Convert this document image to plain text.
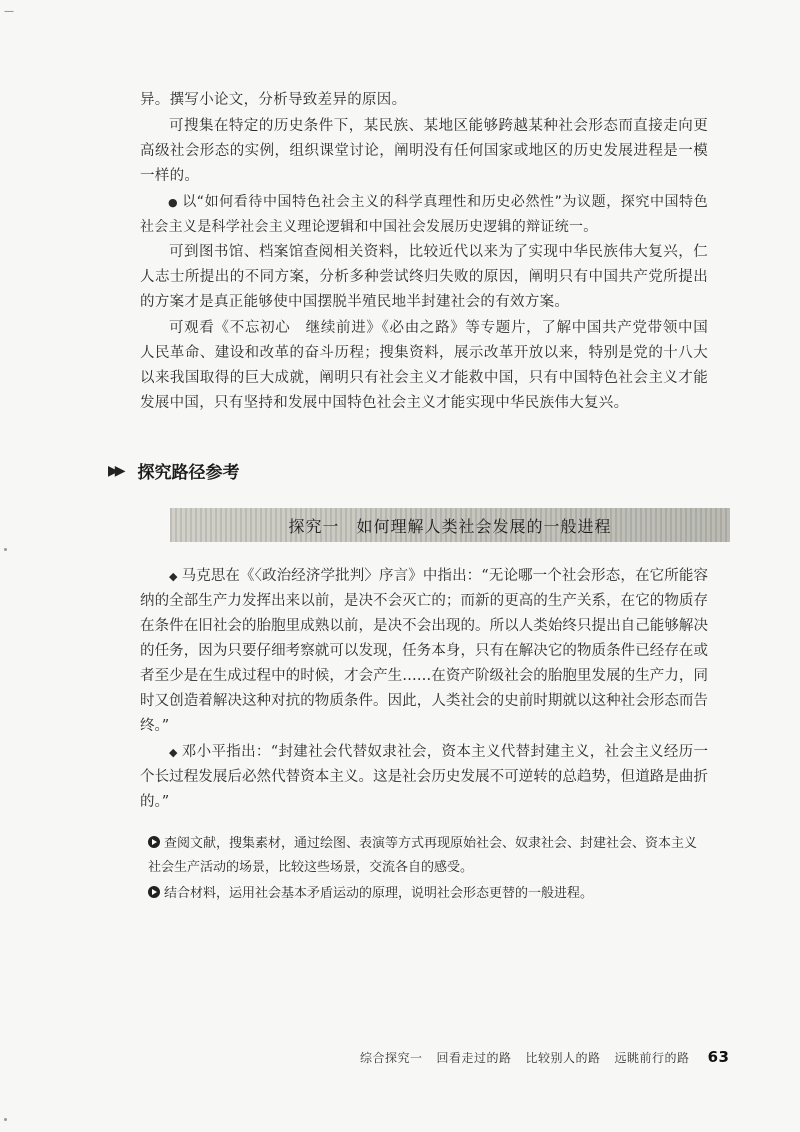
—

异。撰写小论文，分析导致差异的原因。

可搜集在特定的历史条件下，某民族、某地区能够跨越某种社会形态而直接走向更高级社会形态的实例，组织课堂讨论，阐明没有任何国家或地区的历史发展进程是一模一样的。

● 以“如何看待中国特色社会主义的科学真理性和历史必然性”为议题，探究中国特色社会主义是科学社会主义理论逻辑和中国社会发展历史逻辑的辩证统一。

可到图书馆、档案馆查阅相关资料，比较近代以来为了实现中华民族伟大复兴，仁人志士所提出的不同方案，分析多种尝试终归失败的原因，阐明只有中国共产党所提出的方案才是真正能够使中国摆脱半殖民地半封建社会的有效方案。

可观看《不忘初心　继续前进》《必由之路》等专题片，了解中国共产党带领中国人民革命、建设和改革的奋斗历程；搜集资料，展示改革开放以来，特别是党的十八大以来我国取得的巨大成就，阐明只有社会主义才能救中国，只有中国特色社会主义才能发展中国，只有坚持和发展中国特色社会主义才能实现中华民族伟大复兴。

▶▶ 探究路径参考
探究一　如何理解人类社会发展的一般进程

◆ 马克思在《〈政治经济学批判〉序言》中指出：“无论哪一个社会形态，在它所能容纳的全部生产力发挥出来以前，是决不会灭亡的；而新的更高的生产关系，在它的物质存在条件在旧社会的胎胞里成熟以前，是决不会出现的。所以人类始终只提出自己能够解决的任务，因为只要仔细考察就可以发现，任务本身，只有在解决它的物质条件已经存在或者至少是在生成过程中的时候，才会产生……在资产阶级社会的胎胞里发展的生产力，同时又创造着解决这种对抗的物质条件。因此，人类社会的史前时期就以这种社会形态而告终。”

◆ 邓小平指出：“封建社会代替奴隶社会，资本主义代替封建主义，社会主义经历一个长过程发展后必然代替资本主义。这是社会历史发展不可逆转的总趋势，但道路是曲折的。”

查阅文献，搜集素材，通过绘图、表演等方式再现原始社会、奴隶社会、封建社会、资本主义社会生产活动的场景，比较这些场景，交流各自的感受。

结合材料，运用社会基本矛盾运动的原理，说明社会形态更替的一般进程。

综合探究一 回看走过的路 比较别人的路 远眺前行的路 63
